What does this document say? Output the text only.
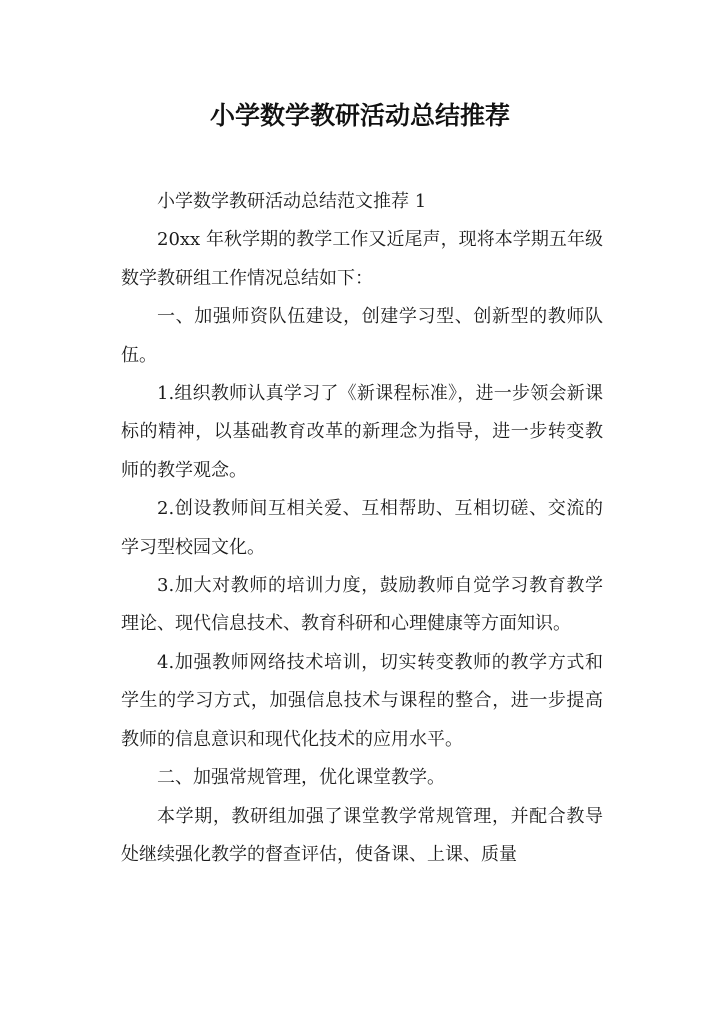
小学数学教研活动总结推荐

小学数学教研活动总结范文推荐 1

20xx 年秋学期的教学工作又近尾声，现将本学期五年级数学教研组工作情况总结如下：

一、加强师资队伍建设，创建学习型、创新型的教师队伍。

1.组织教师认真学习了《新课程标准》，进一步领会新课标的精神，以基础教育改革的新理念为指导，进一步转变教师的教学观念。

2.创设教师间互相关爱、互相帮助、互相切磋、交流的学习型校园文化。

3.加大对教师的培训力度，鼓励教师自觉学习教育教学理论、现代信息技术、教育科研和心理健康等方面知识。

4.加强教师网络技术培训，切实转变教师的教学方式和学生的学习方式，加强信息技术与课程的整合，进一步提高教师的信息意识和现代化技术的应用水平。

二、加强常规管理，优化课堂教学。

本学期，教研组加强了课堂教学常规管理，并配合教导处继续强化教学的督查评估，使备课、上课、质量
